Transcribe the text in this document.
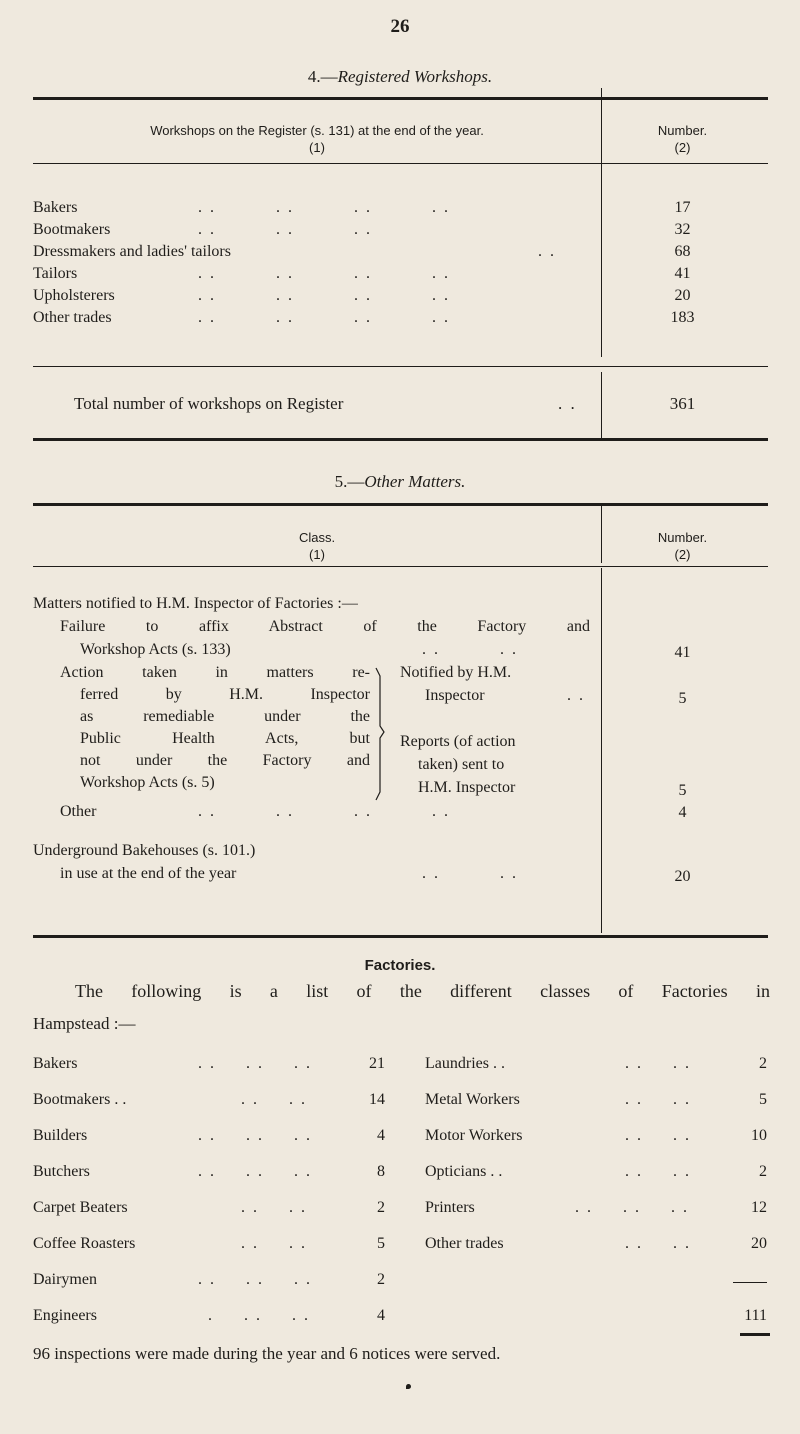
26
4.—Registered Workshops.
Workshops on the Register (s. 131) at the end of the year.
(1)
Number.
(2)
Bakers	. .          . .          . .          . .	17
Bootmakers	. .          . .          . .	32
Dressmakers and ladies' tailors	. .	68
Tailors	. .          . .          . .          . .	41
Upholsterers	. .          . .          . .          . .	20
Other trades	. .          . .          . .          . .	183
Total number of workshops on Register	. .	361
5.—Other Matters.
Class.
(1)
Number.
(2)
Matters notified to H.M. Inspector of Factories :—
Failure to affix Abstract of the Factory and
Workshop Acts (s. 133)	. .          . .	41
Action taken in matters re-
ferred by H.M. Inspector
as remediable under the
Public Health Acts, but
not under the Factory and
Workshop Acts (s. 5)
Notified by H.M.
Inspector	. .	5
Reports (of action
taken) sent to
H.M. Inspector	5
Other	. .          . .          . .          . .	4
Underground Bakehouses (s. 101.)
in use at the end of the year	. .          . .	20
Factories.
The following is a list of the different classes of Factories in
Hampstead :—
Bakers	. .     . .     . .	21
Bootmakers . .	. .     . .	14
Builders	. .     . .     . .	4
Butchers	. .     . .     . .	8
Carpet Beaters	. .     . .	2
Coffee Roasters	. .     . .	5
Dairymen	. .     . .     . .	2
Engineers	.     . .     . .	4
Laundries . .	. .     . .	2
Metal Workers	. .     . .	5
Motor Workers	. .     . .	10
Opticians . .	. .     . .	2
Printers	. .     . .     . .	12
Other trades	. .     . .	20
111
96 inspections were made during the year and 6 notices were served.
